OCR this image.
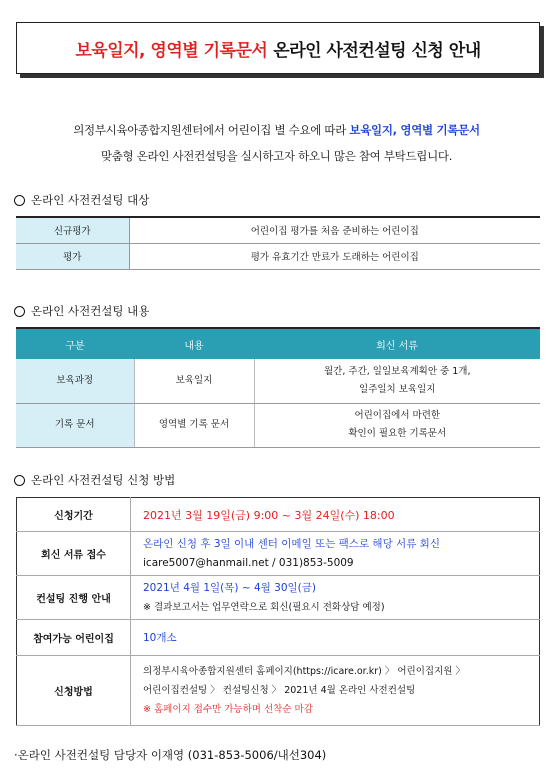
보육일지, 영역별 기록문서 온라인 사전컨설팅 신청 안내
의정부시육아종합지원센터에서 어린이집 별 수요에 따라 보육일지, 영역별 기록문서
맞춤형 온라인 사전컨설팅을 실시하고자 하오니 많은 참여 부탁드립니다.
온라인 사전컨설팅 대상
신규평가	어린이집 평가를 처음 준비하는 어린이집
평가	평가 유효기간 만료가 도래하는 어린이집
온라인 사전컨설팅 내용
구분	내용	회신 서류
보육과정	보육일지	월간, 주간, 일일보육계획안 중 1개,
일주일치 보육일지

기록 문서	영역별 기록 문서	어린이집에서 마련한
확인이 필요한 기록문서
온라인 사전컨설팅 신청 방법
신청기간	2021년 3월 19일(금) 9:00 ~ 3월 24일(수) 18:00
회신 서류 접수	온라인 신청 후 3일 이내 센터 이메일 또는 팩스로 해당 서류 회신
icare5007@hanmail.net / 031)853-5009

컨설팅 진행 안내	2021년 4월 1일(목) ~ 4월 30일(금)
※ 결과보고서는 업무연락으로 회신(필요시 전화상담 예정)

참여가능 어린이집	10개소
신청방법	의정부시육아종합지원센터 홈페이지(https://icare.or.kr) 〉 어린이집지원 〉
어린이집컨설팅 〉 컨설팅신청 〉 2021년 4월 온라인 사전컨설팅
※ 홈페이지 접수만 가능하며 선착순 마감
‧온라인 사전컨설팅 담당자 이재영 (031-853-5006/내선304)
